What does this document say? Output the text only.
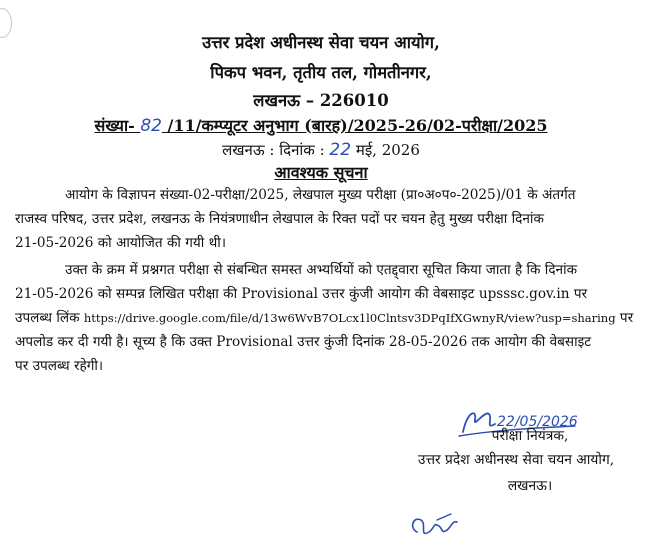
उत्तर प्रदेश अधीनस्थ सेवा चयन आयोग,
पिकप भवन, तृतीय तल, गोमतीनगर,
लखनऊ – 226010
संख्या- 82 /11/कम्प्यूटर अनुभाग (बारह)/2025-26/02-परीक्षा/2025
लखनऊ : दिनांक : 22 मई, 2026
आवश्यक सूचना
आयोग के विज्ञापन संख्या-02-परीक्षा/2025, लेखपाल मुख्य परीक्षा (प्रा०अ०प०-2025)/01 के अंतर्गत
राजस्व परिषद, उत्तर प्रदेश, लखनऊ के नियंत्रणाधीन लेखपाल के रिक्त पदों पर चयन हेतु मुख्य परीक्षा दिनांक
21-05-2026 को आयोजित की गयी थी।
उक्त के क्रम में प्रश्नगत परीक्षा से संबन्धित समस्त अभ्यर्थियों को एतद्द्वारा सूचित किया जाता है कि दिनांक
21-05-2026 को सम्पन्न लिखित परीक्षा की Provisional उत्तर कुंजी आयोग की वेबसाइट upsssc.gov.in पर
उपलब्ध लिंक https://drive.google.com/file/d/13w6WvB7OLcx1l0Clntsv3DPqIfXGwnyR/view?usp=sharing पर
अपलोड कर दी गयी है। सूच्य है कि उक्त Provisional उत्तर कुंजी दिनांक 28-05-2026 तक आयोग की वेबसाइट
पर उपलब्ध रहेगी।
22/05/2026
परीक्षा नियंत्रक,
उत्तर प्रदेश अधीनस्थ सेवा चयन आयोग,
लखनऊ।
